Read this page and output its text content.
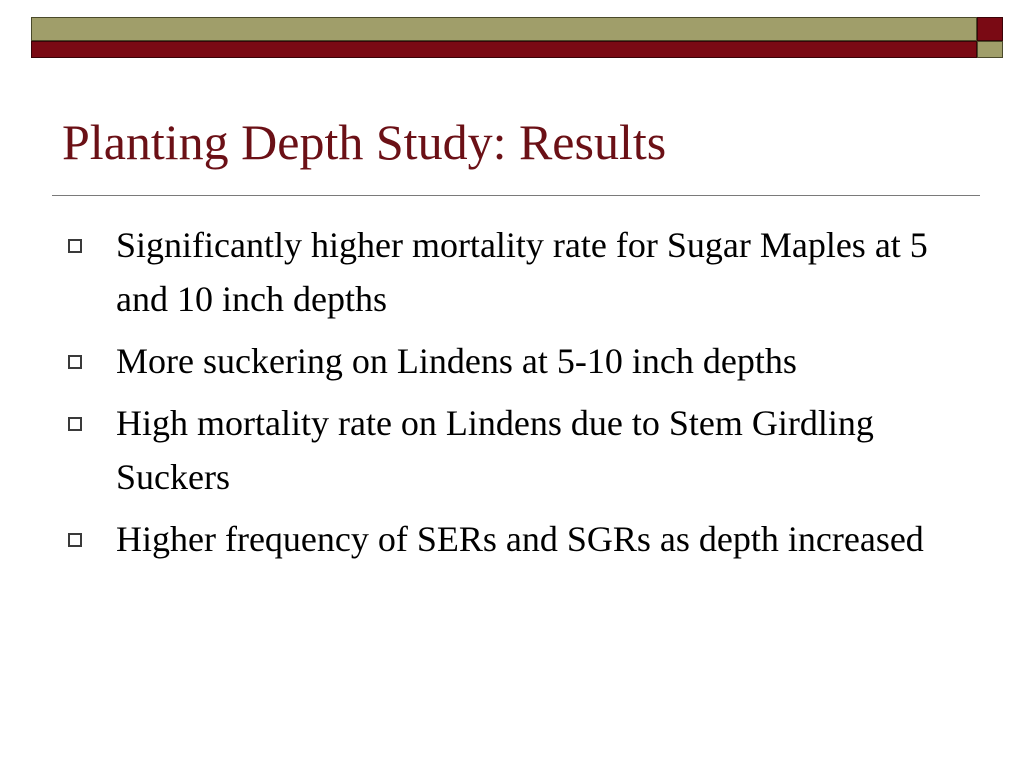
Planting Depth Study: Results
Significantly higher mortality rate for Sugar Maples at 5 and 10 inch depths
More suckering on Lindens at 5-10 inch depths
High mortality rate on Lindens due to Stem Girdling Suckers
Higher frequency of SERs and SGRs as depth increased
